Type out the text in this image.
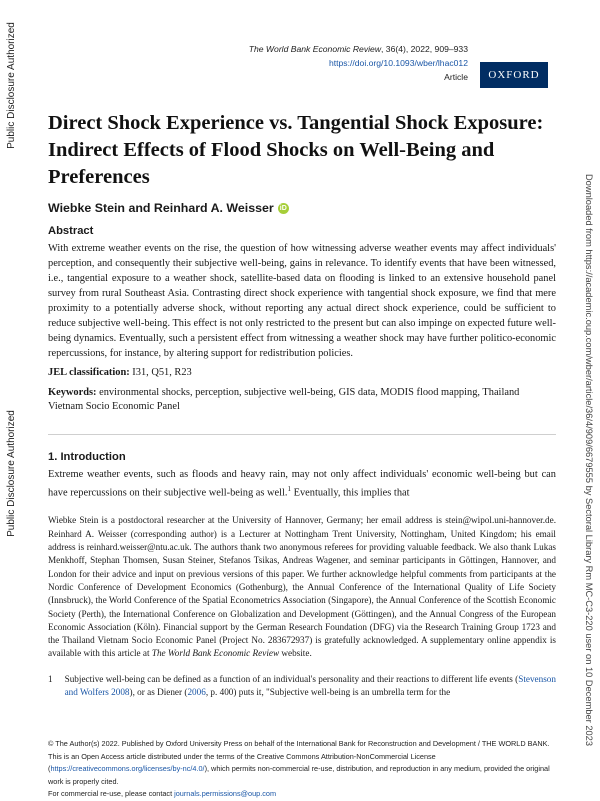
Public Disclosure Authorized
Public Disclosure Authorized	Downloaded from https://academic.oup.com/wber/article/36/4/909/6679555 by Sectoral Library Rm MC-C3-220 user on 10 December 2023
The World Bank Economic Review, 36(4), 2022, 909–933
https://doi.org/10.1093/wber/lhac012
Article	OXFORD
Direct Shock Experience vs. Tangential Shock Exposure: Indirect Effects of Flood Shocks on Well-Being and Preferences
Wiebke Stein and Reinhard A. Weisser iD
Abstract

With extreme weather events on the rise, the question of how witnessing adverse weather events may affect individuals' perception, and consequently their subjective well-being, gains in relevance. To identify events that have been witnessed, i.e., tangential exposure to a weather shock, satellite-based data on flooding is linked to an extensive household panel survey from rural Southeast Asia. Contrasting direct shock experience with tangential shock exposure, we find that mere proximity to a potentially adverse shock, without reporting any actual direct shock experience, could be sufficient to reduce subjective well-being. This effect is not only restricted to the present but can also impinge on expected future well-being dynamics. Eventually, such a persistent effect from witnessing a weather shock may have further politico-economic repercussions, for instance, by altering support for redistribution policies.

JEL classification: I31, Q51, R23
Keywords: environmental shocks, perception, subjective well-being, GIS data, MODIS flood mapping, Thailand Vietnam Socio Economic Panel
1. Introduction

Extreme weather events, such as floods and heavy rain, may not only affect individuals' economic well-being but can have repercussions on their subjective well-being as well.$^1$ Eventually, this implies that

Wiebke Stein is a postdoctoral researcher at the University of Hannover, Germany; her email address is stein@wipol.uni-hannover.de. Reinhard A. Weisser (corresponding author) is a Lecturer at Nottingham Trent University, Nottingham, United Kingdom; his email address is reinhard.weisser@ntu.ac.uk. The authors thank two anonymous referees for providing valuable feedback. We also thank Lukas Menkhoff, Stephan Thomsen, Susan Steiner, Stefanos Tsikas, Andreas Wagener, and seminar participants in Göttingen, Hannover, and London for their advice and input on previous versions of this paper. We further acknowledge helpful comments from participants at the Nordic Conference of Development Economics (Gothenburg), the Annual Conference of the International Quality of Life Society (Innsbruck), the World Conference of the Spatial Econometrics Association (Singapore), the Annual Conference of the Scottish Economic Society (Perth), the International Conference on Globalization and Development (Göttingen), and the Annual Congress of the European Economic Association (Köln). Financial support by the German Research Foundation (DFG) via the Research Training Group 1723 and the Thailand Vietnam Socio Economic Panel (Project No. 283672937) is gratefully acknowledged. A supplementary online appendix is available with this article at The World Bank Economic Review website.

1 Subjective well-being can be defined as a function of an individual's personality and their reactions to different life events (Stevenson and Wolfers 2008), or as Diener (2006, p. 400) puts it, "Subjective well-being is an umbrella term for the
© The Author(s) 2022. Published by Oxford University Press on behalf of the International Bank for Reconstruction and Development / THE WORLD BANK.
This is an Open Access article distributed under the terms of the Creative Commons Attribution-NonCommercial License (https://creativecommons.org/licenses/by-nc/4.0/), which permits non-commercial re-use, distribution, and reproduction in any medium, provided the original work is properly cited.
For commercial re-use, please contact journals.permissions@oup.com
